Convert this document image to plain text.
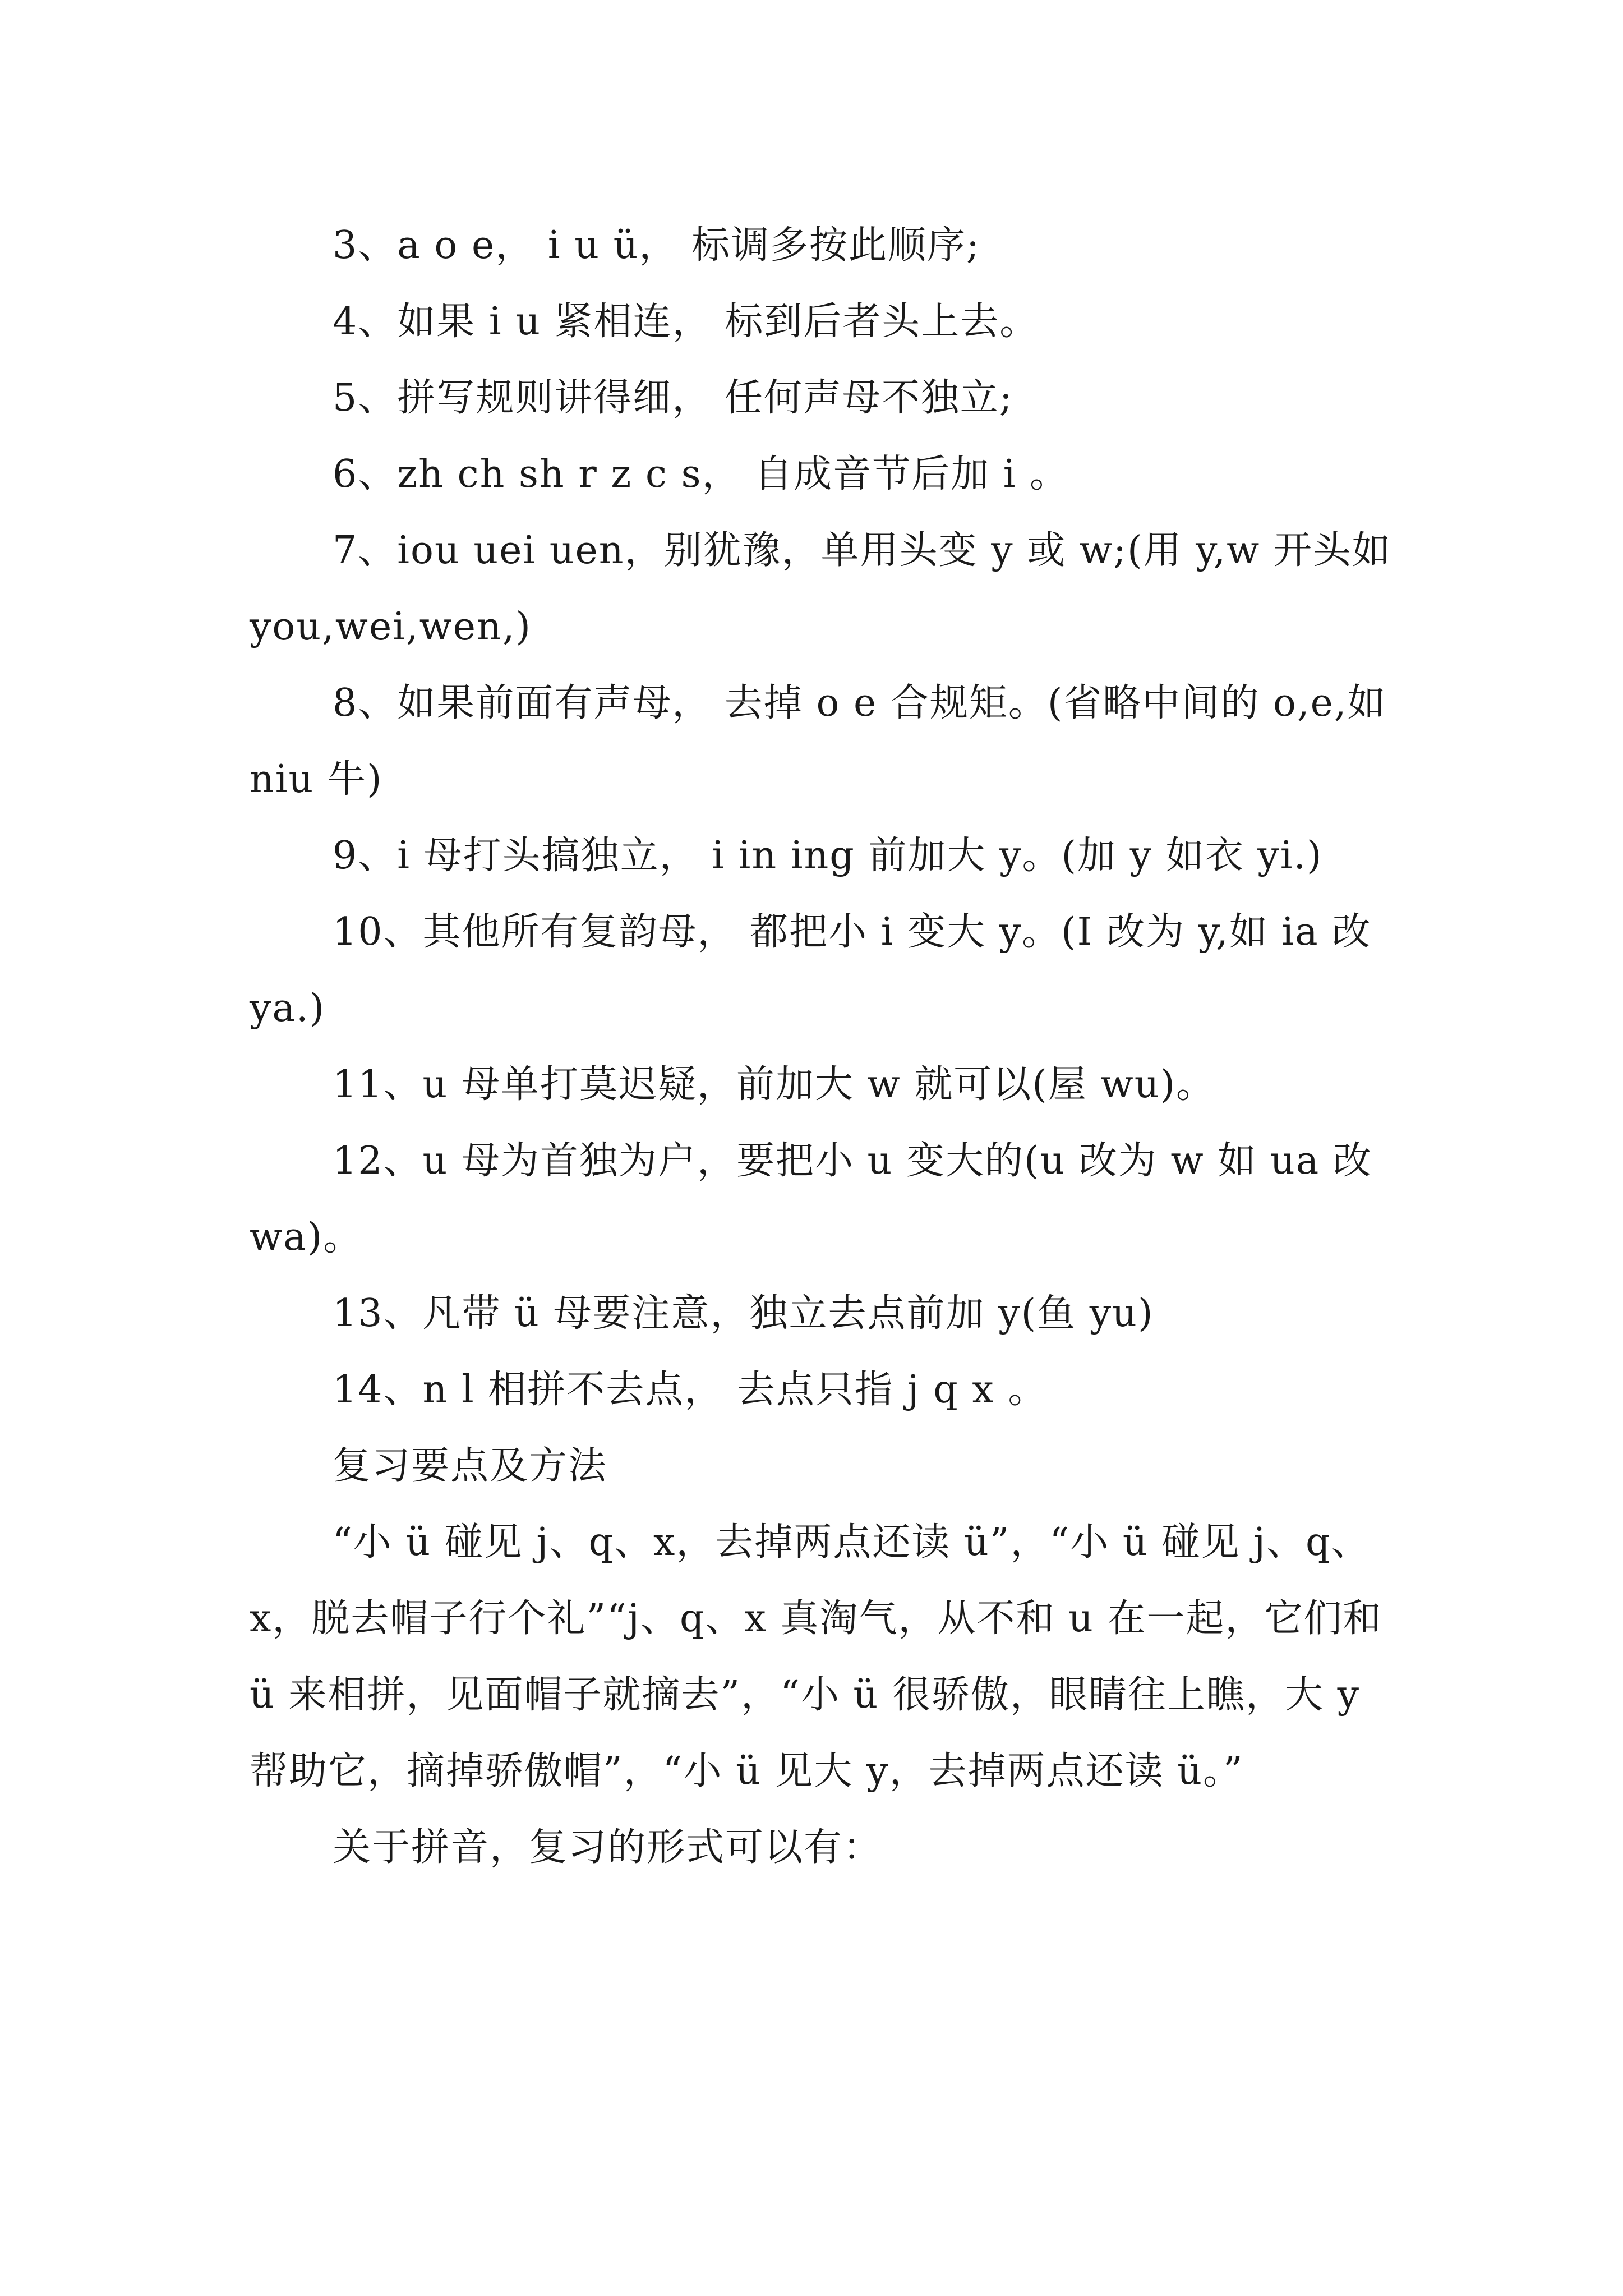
3、a o e， i u ü， 标调多按此顺序;

4、如果 i u 紧相连， 标到后者头上去。

5、拼写规则讲得细， 任何声母不独立;

6、zh ch sh r z c s， 自成音节后加 i 。

7、iou uei uen，别犹豫，单用头变 y 或 w;(用 y,w 开头如 you,wei,wen,)

8、如果前面有声母， 去掉 o e 合规矩。(省略中间的 o,e,如 niu 牛)

9、i 母打头搞独立， i in ing 前加大 y。(加 y 如衣 yi.)

10、其他所有复韵母， 都把小 i 变大 y。(I 改为 y,如 ia 改 ya.)

11、u 母单打莫迟疑，前加大 w 就可以(屋 wu)。

12、u 母为首独为户，要把小 u 变大的(u 改为 w 如 ua 改 wa)。

13、凡带 ü 母要注意，独立去点前加 y(鱼 yu)

14、n l 相拼不去点， 去点只指 j q x 。

复习要点及方法

“小 ü 碰见 j、q、x，去掉两点还读 ü”，“小 ü 碰见 j、q、x，脱去帽子行个礼”“j、q、x 真淘气，从不和 u 在一起，它们和 ü 来相拼，见面帽子就摘去”，“小 ü 很骄傲，眼睛往上瞧，大 y 帮助它，摘掉骄傲帽”，“小 ü 见大 y，去掉两点还读 ü。”

关于拼音，复习的形式可以有：
